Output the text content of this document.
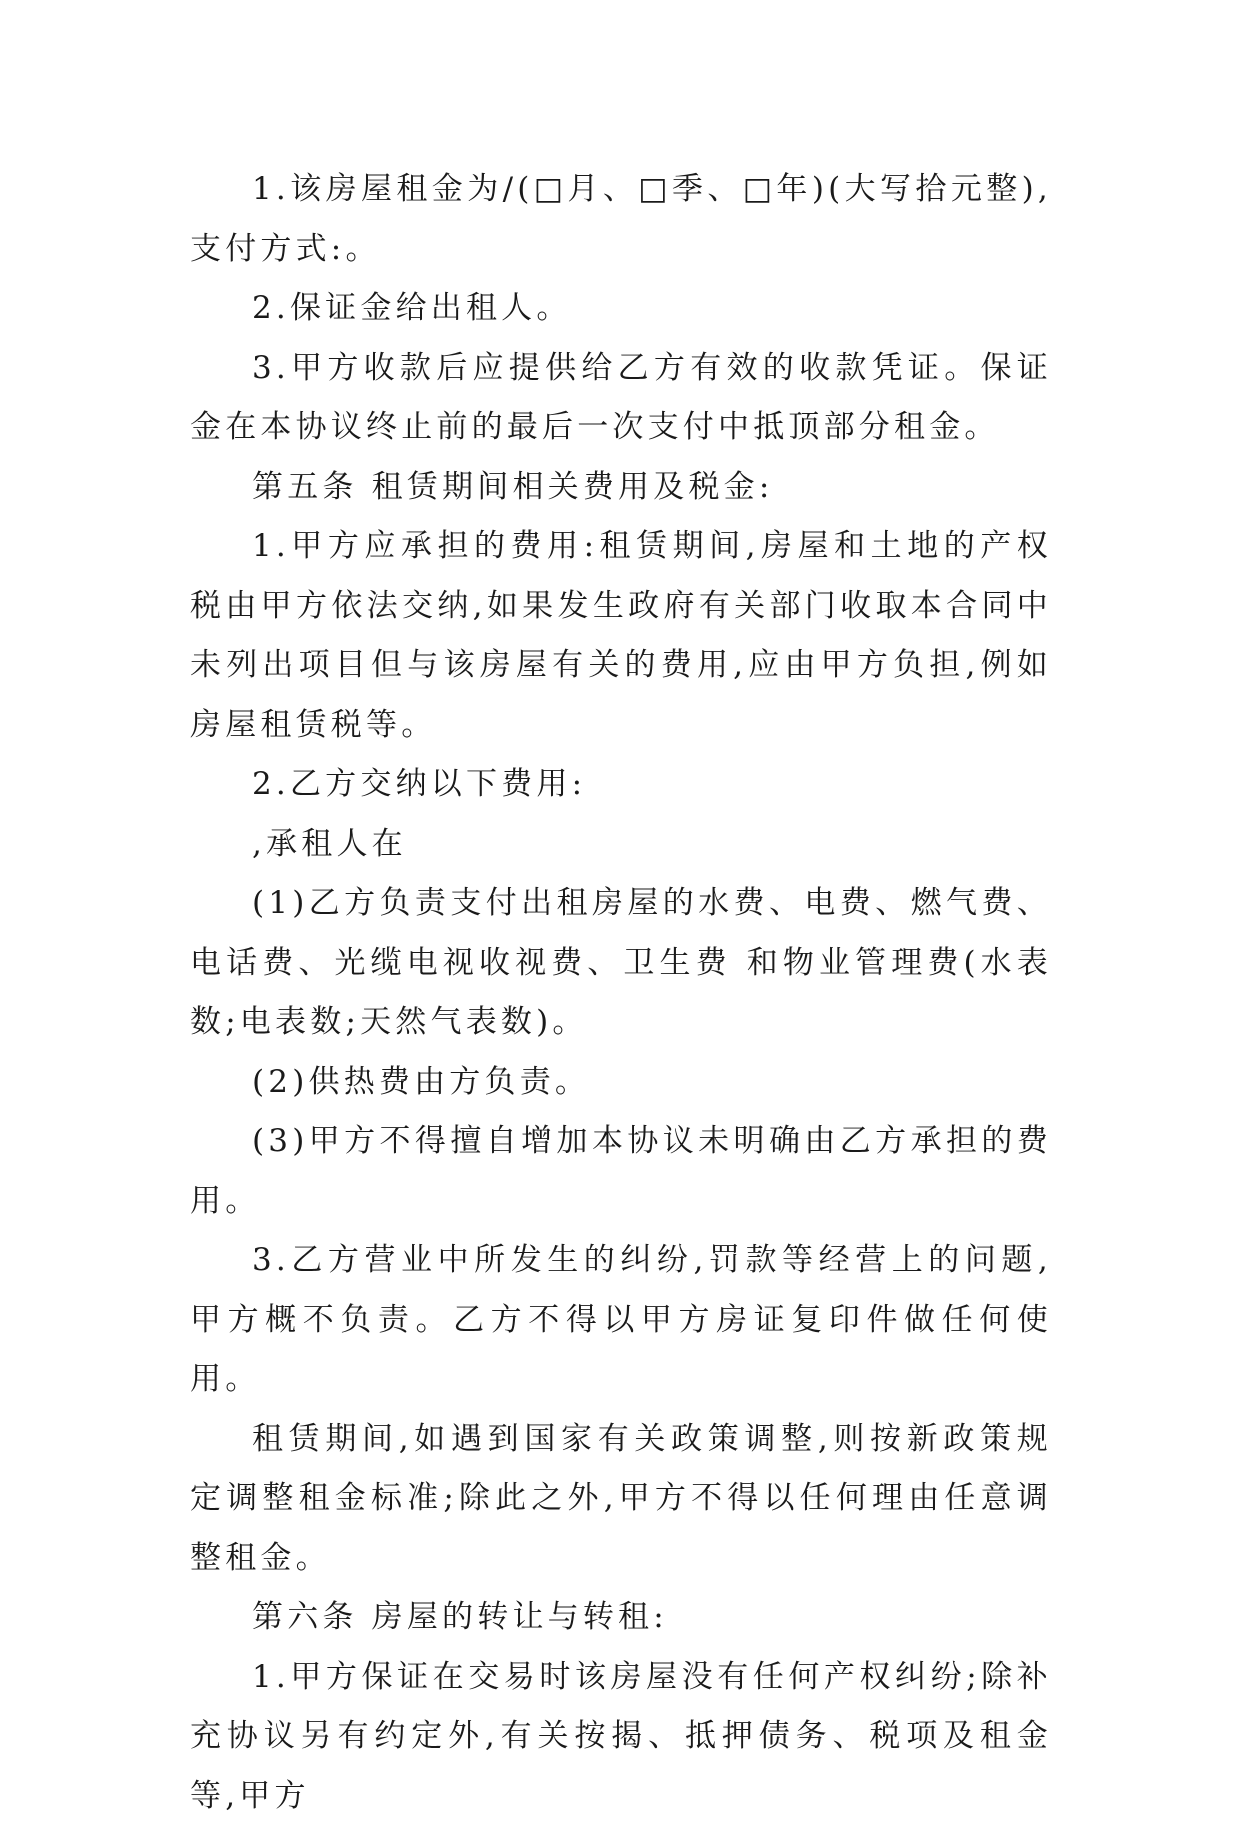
1.该房屋租金为/(□月、□季、□年)(大写拾元整),支付方式:。

2.保证金给出租人。

3.甲方收款后应提供给乙方有效的收款凭证。保证金在本协议终止前的最后一次支付中抵顶部分租金。

第五条 租赁期间相关费用及税金:

1.甲方应承担的费用:租赁期间,房屋和土地的产权税由甲方依法交纳,如果发生政府有关部门收取本合同中未列出项目但与该房屋有关的费用,应由甲方负担,例如房屋租赁税等。

2.乙方交纳以下费用:

,承租人在

(1)乙方负责支付出租房屋的水费、电费、燃气费、电话费、光缆电视收视费、卫生费 和物业管理费(水表数;电表数;天然气表数)。

(2)供热费由方负责。

(3)甲方不得擅自增加本协议未明确由乙方承担的费用。

3.乙方营业中所发生的纠纷,罚款等经营上的问题,甲方概不负责。乙方不得以甲方房证复印件做任何使用。

租赁期间,如遇到国家有关政策调整,则按新政策规定调整租金标准;除此之外,甲方不得以任何理由任意调整租金。

第六条 房屋的转让与转租:

1.甲方保证在交易时该房屋没有任何产权纠纷;除补充协议另有约定外,有关按揭、抵押债务、税项及租金等,甲方
